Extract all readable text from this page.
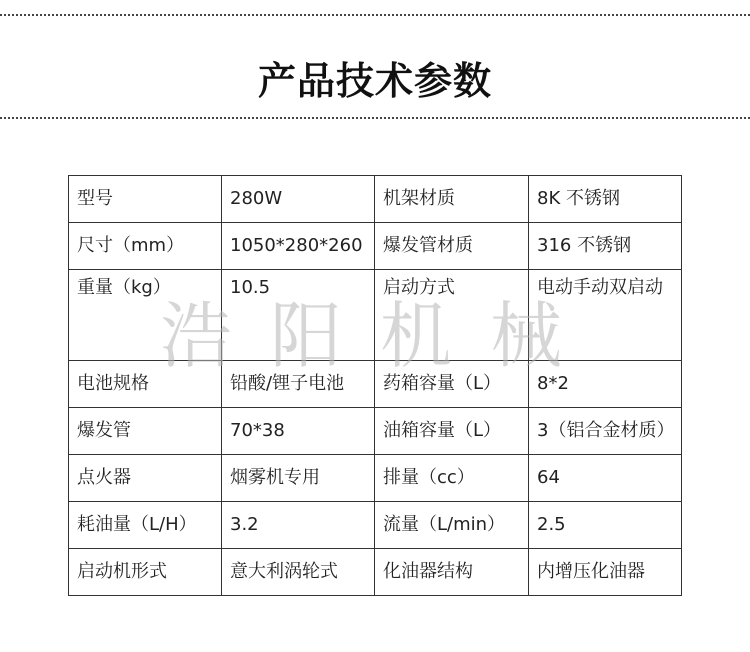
产品技术参数
型号	280W	机架材质	8K 不锈钢
尺寸（mm）	1050*280*260	爆发管材质	316 不锈钢
重量（kg）	10.5	启动方式	电动手动双启动
电池规格	铅酸/锂子电池	药箱容量（L）	8*2
爆发管	70*38	油箱容量（L）	3（铝合金材质）
点火器	烟雾机专用	排量（cc）	64
耗油量（L/H）	3.2	流量（L/min）	2.5
启动机形式	意大利涡轮式	化油器结构	内增压化油器
浩阳机械
